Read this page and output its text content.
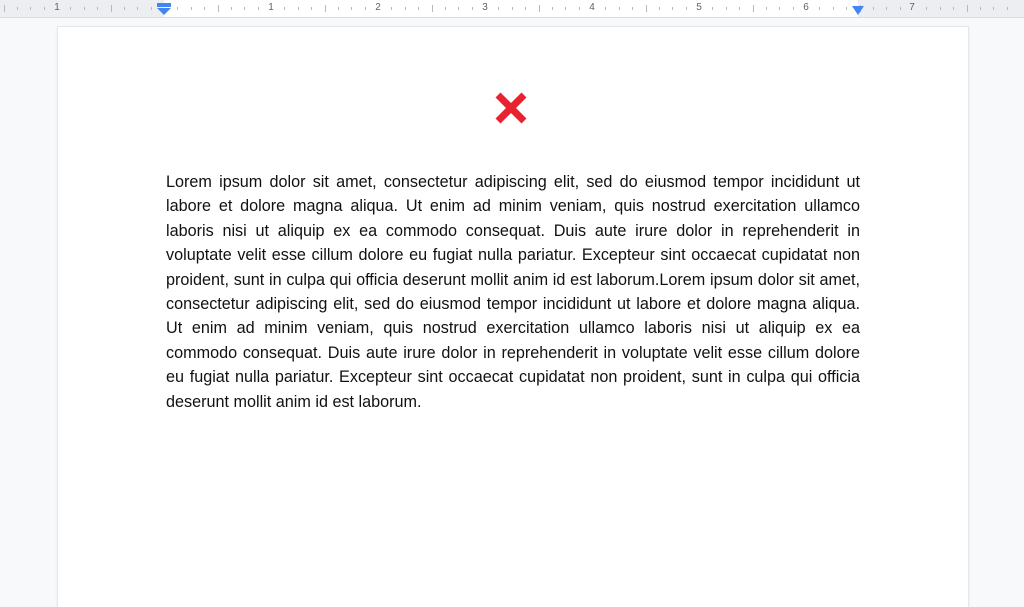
1	1	2	3	4	5	6	7

Lorem ipsum dolor sit amet, consectetur adipiscing elit, sed do eiusmod tempor incididunt ut labore et dolore magna aliqua. Ut enim ad minim veniam, quis nostrud exercitation ullamco laboris nisi ut aliquip ex ea commodo consequat. Duis aute irure dolor in reprehenderit in voluptate velit esse cillum dolore eu fugiat nulla pariatur. Excepteur sint occaecat cupidatat non proident, sunt in culpa qui officia deserunt mollit anim id est laborum.Lorem ipsum dolor sit amet, consectetur adipiscing elit, sed do eiusmod tempor incididunt ut labore et dolore magna aliqua. Ut enim ad minim veniam, quis nostrud exercitation ullamco laboris nisi ut aliquip ex ea commodo consequat. Duis aute irure dolor in reprehenderit in voluptate velit esse cillum dolore eu fugiat nulla pariatur. Excepteur sint occaecat cupidatat non proident, sunt in culpa qui officia deserunt mollit anim id est laborum.
